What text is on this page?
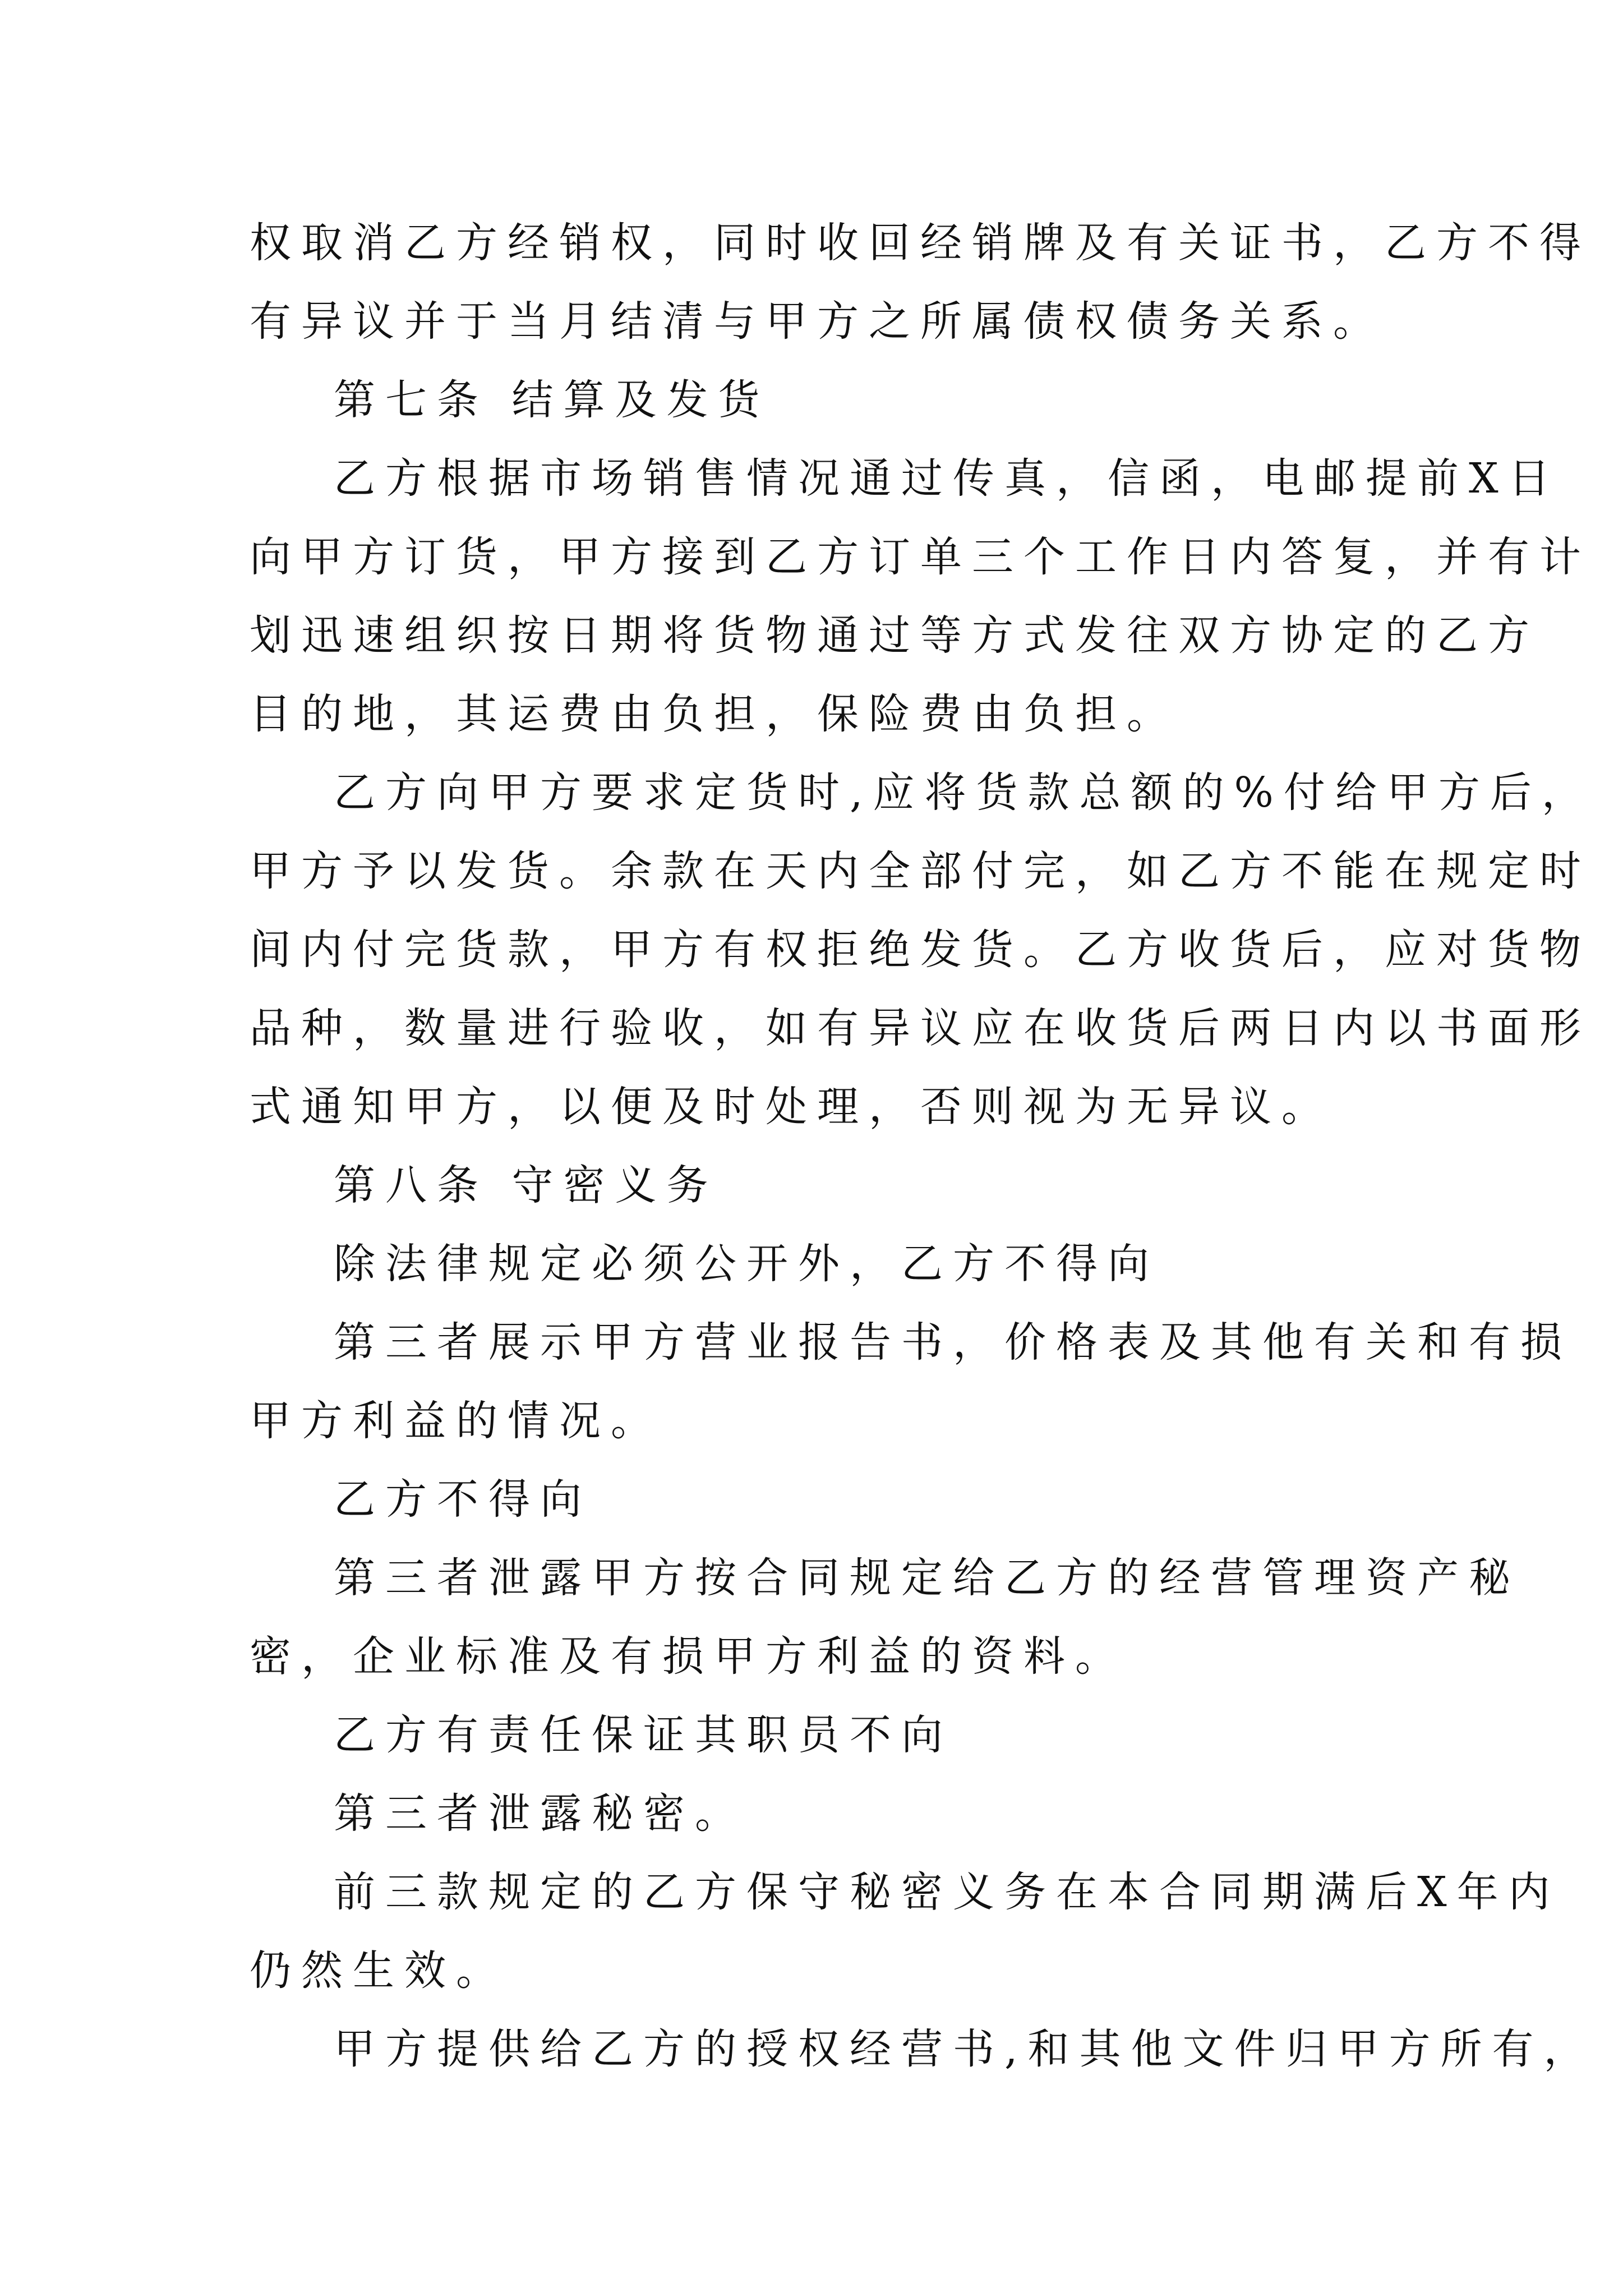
权取消乙方经销权，同时收回经销牌及有关证书，乙方不得
有异议并于当月结清与甲方之所属债权债务关系。
第七条 结算及发货
乙方根据市场销售情况通过传真，信函，电邮提前X日
向甲方订货，甲方接到乙方订单三个工作日内答复，并有计
划迅速组织按日期将货物通过等方式发往双方协定的乙方
目的地，其运费由负担，保险费由负担。
乙方向甲方要求定货时,应将货款总额的%付给甲方后，
甲方予以发货。余款在天内全部付完，如乙方不能在规定时
间内付完货款，甲方有权拒绝发货。乙方收货后，应对货物
品种，数量进行验收，如有异议应在收货后两日内以书面形
式通知甲方，以便及时处理，否则视为无异议。
第八条 守密义务
除法律规定必须公开外，乙方不得向
第三者展示甲方营业报告书，价格表及其他有关和有损
甲方利益的情况。
乙方不得向
第三者泄露甲方按合同规定给乙方的经营管理资产秘
密，企业标准及有损甲方利益的资料。
乙方有责任保证其职员不向
第三者泄露秘密。
前三款规定的乙方保守秘密义务在本合同期满后X年内
仍然生效。
甲方提供给乙方的授权经营书,和其他文件归甲方所有，
